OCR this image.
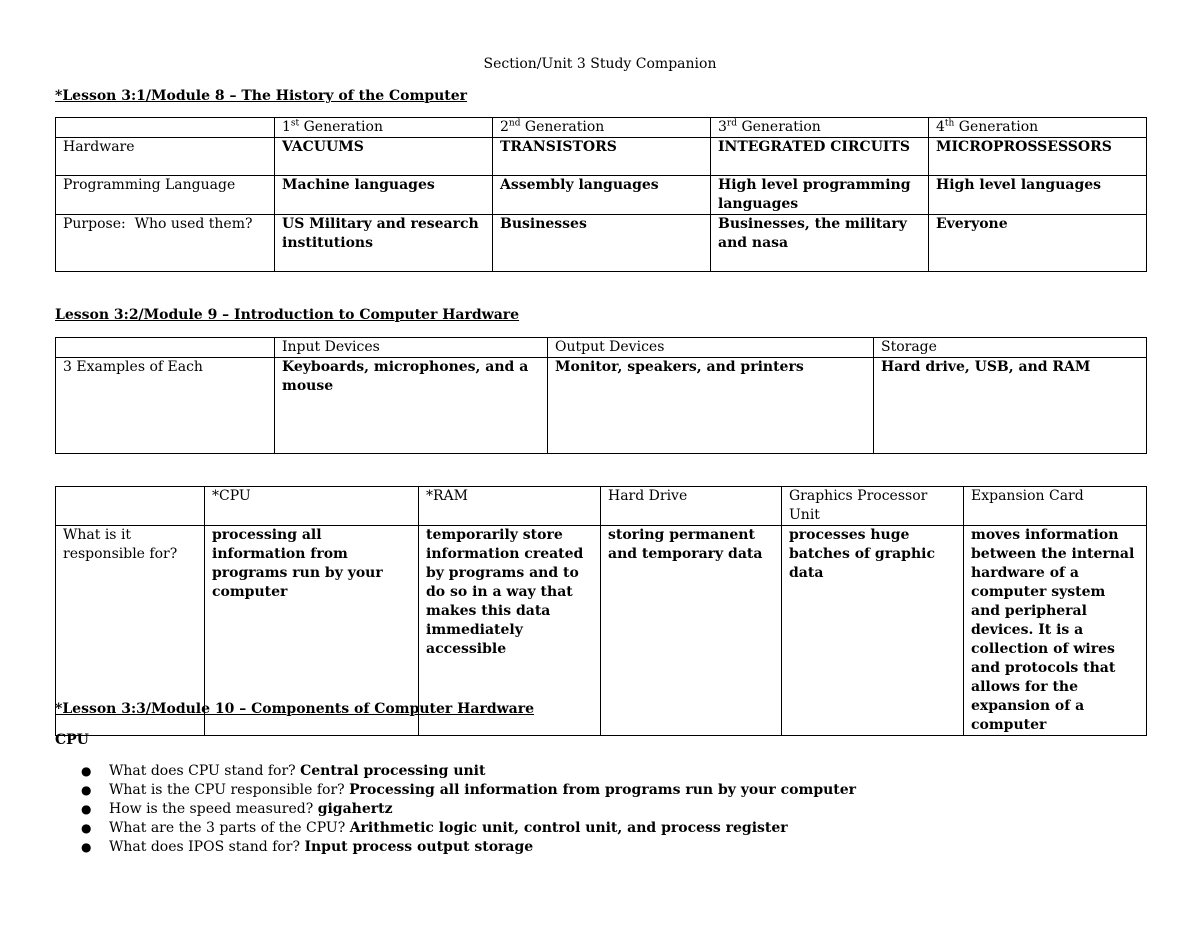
Section/Unit 3 Study Companion
*Lesson 3:1/Module 8 – The History of the Computer
	1st Generation	2nd Generation	3rd Generation	4th Generation
Hardware	VACUUMS	TRANSISTORS	INTEGRATED CIRCUITS	MICROPROSSESSORS
Programming Language	Machine languages	Assembly languages	High level programming languages	High level languages
Purpose:  Who used them?	US Military and research institutions	Businesses	Businesses, the military and nasa	Everyone
Lesson 3:2/Module 9 – Introduction to Computer Hardware
	Input Devices	Output Devices	Storage
3 Examples of Each	Keyboards, microphones, and a mouse	Monitor, speakers, and printers	Hard drive, USB, and RAM
	*CPU	*RAM	Hard Drive	Graphics Processor Unit	Expansion Card
What is it responsible for?	processing all information from programs run by your computer	temporarily store information created by programs and to do so in a way that makes this data immediately accessible	storing permanent and temporary data	processes huge batches of graphic data	moves information between the internal hardware of a computer system and peripheral devices. It is a collection of wires and protocols that allows for the expansion of a computer
*Lesson 3:3/Module 10 – Components of Computer Hardware
CPU
● What does CPU stand for? Central processing unit
● What is the CPU responsible for? Processing all information from programs run by your computer
● How is the speed measured? gigahertz
● What are the 3 parts of the CPU? Arithmetic logic unit, control unit, and process register
● What does IPOS stand for? Input process output storage
